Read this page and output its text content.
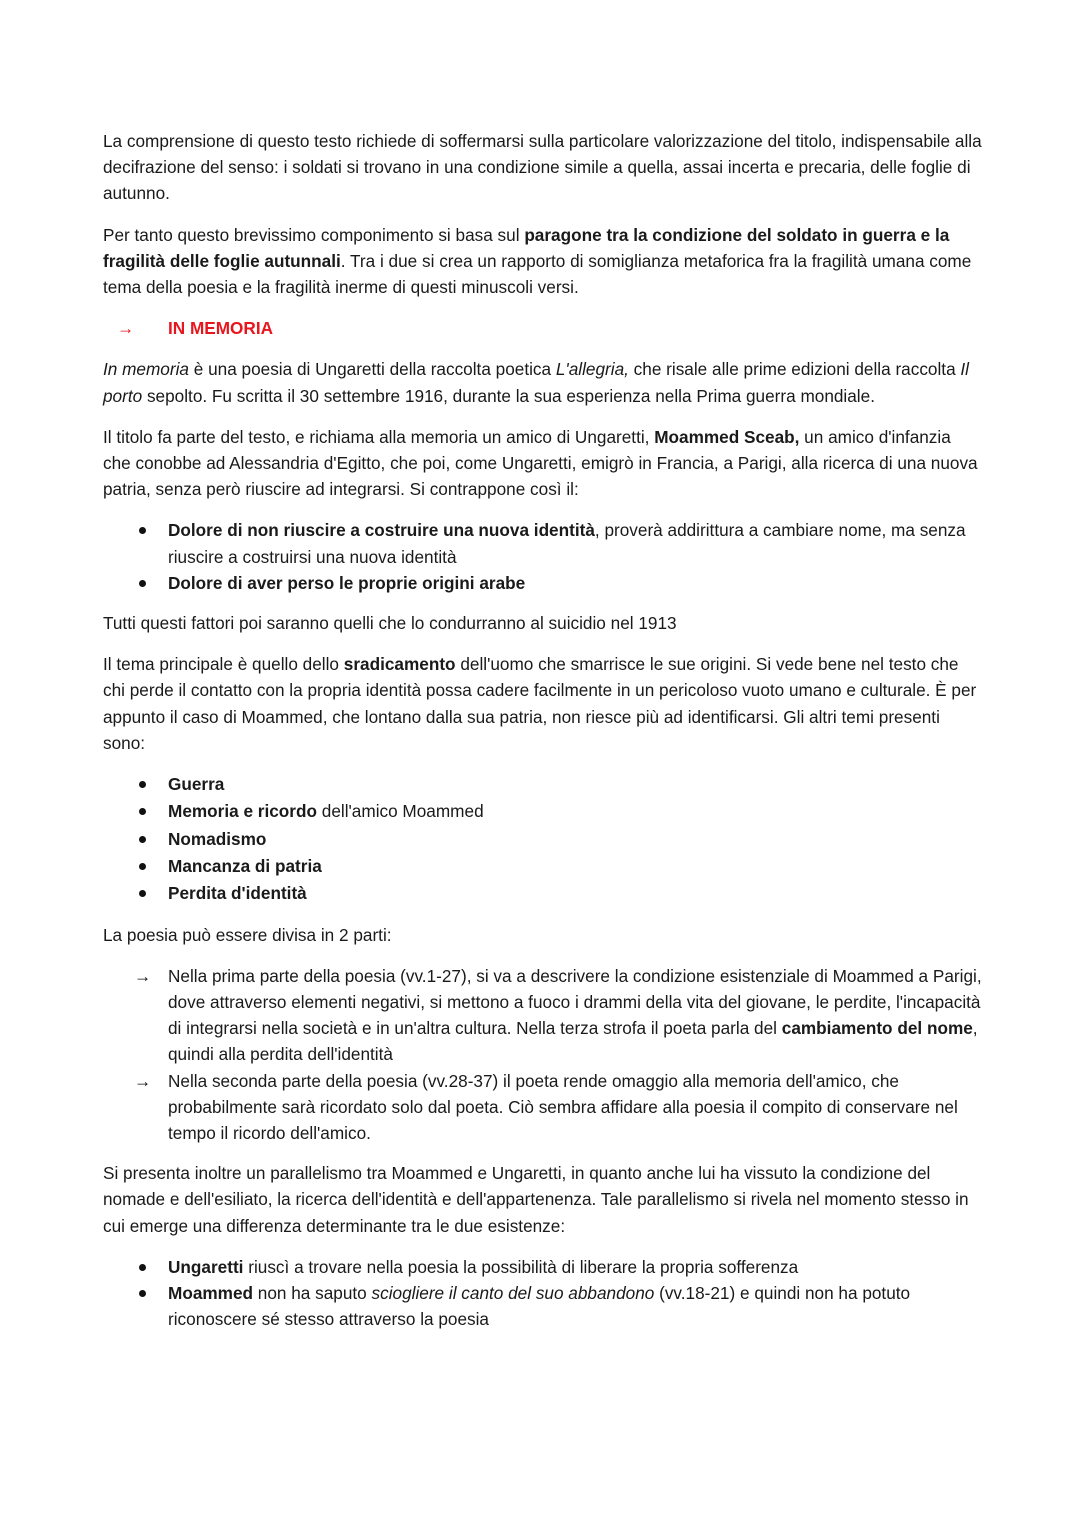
La comprensione di questo testo richiede di soffermarsi sulla particolare valorizzazione del titolo, indispensabile alla decifrazione del senso: i soldati si trovano in una condizione simile a quella, assai incerta e precaria, delle foglie di autunno.

Per tanto questo brevissimo componimento si basa sul paragone tra la condizione del soldato in guerra e la fragilità delle foglie autunnali. Tra i due si crea un rapporto di somiglianza metaforica fra la fragilità umana come tema della poesia e la fragilità inerme di questi minuscoli versi.

→	IN MEMORIA

In memoria è una poesia di Ungaretti della raccolta poetica L'allegria, che risale alle prime edizioni della raccolta Il porto sepolto. Fu scritta il 30 settembre 1916, durante la sua esperienza nella Prima guerra mondiale.

Il titolo fa parte del testo, e richiama alla memoria un amico di Ungaretti, Moammed Sceab, un amico d'infanzia che conobbe ad Alessandria d'Egitto, che poi, come Ungaretti, emigrò in Francia, a Parigi, alla ricerca di una nuova patria, senza però riuscire ad integrarsi. Si contrappone così il:

Dolore di non riuscire a costruire una nuova identità, proverà addirittura a cambiare nome, ma senza riuscire a costruirsi una nuova identità
Dolore di aver perso le proprie origini arabe

Tutti questi fattori poi saranno quelli che lo condurranno al suicidio nel 1913

Il tema principale è quello dello sradicamento dell'uomo che smarrisce le sue origini. Si vede bene nel testo che chi perde il contatto con la propria identità possa cadere facilmente in un pericoloso vuoto umano e culturale. È per appunto il caso di Moammed, che lontano dalla sua patria, non riesce più ad identificarsi. Gli altri temi presenti sono:

Guerra
Memoria e ricordo dell'amico Moammed
Nomadismo
Mancanza di patria
Perdita d'identità

La poesia può essere divisa in 2 parti:

→ Nella prima parte della poesia (vv.1-27), si va a descrivere la condizione esistenziale di Moammed a Parigi, dove attraverso elementi negativi, si mettono a fuoco i drammi della vita del giovane, le perdite, l'incapacità di integrarsi nella società e in un'altra cultura. Nella terza strofa il poeta parla del cambiamento del nome, quindi alla perdita dell'identità
→ Nella seconda parte della poesia (vv.28-37) il poeta rende omaggio alla memoria dell'amico, che probabilmente sarà ricordato solo dal poeta. Ciò sembra affidare alla poesia il compito di conservare nel tempo il ricordo dell'amico.

Si presenta inoltre un parallelismo tra Moammed e Ungaretti, in quanto anche lui ha vissuto la condizione del nomade e dell'esiliato, la ricerca dell'identità e dell'appartenenza. Tale parallelismo si rivela nel momento stesso in cui emerge una differenza determinante tra le due esistenze:

Ungaretti riuscì a trovare nella poesia la possibilità di liberare la propria sofferenza
Moammed non ha saputo sciogliere il canto del suo abbandono (vv.18-21) e quindi non ha potuto riconoscere sé stesso attraverso la poesia
